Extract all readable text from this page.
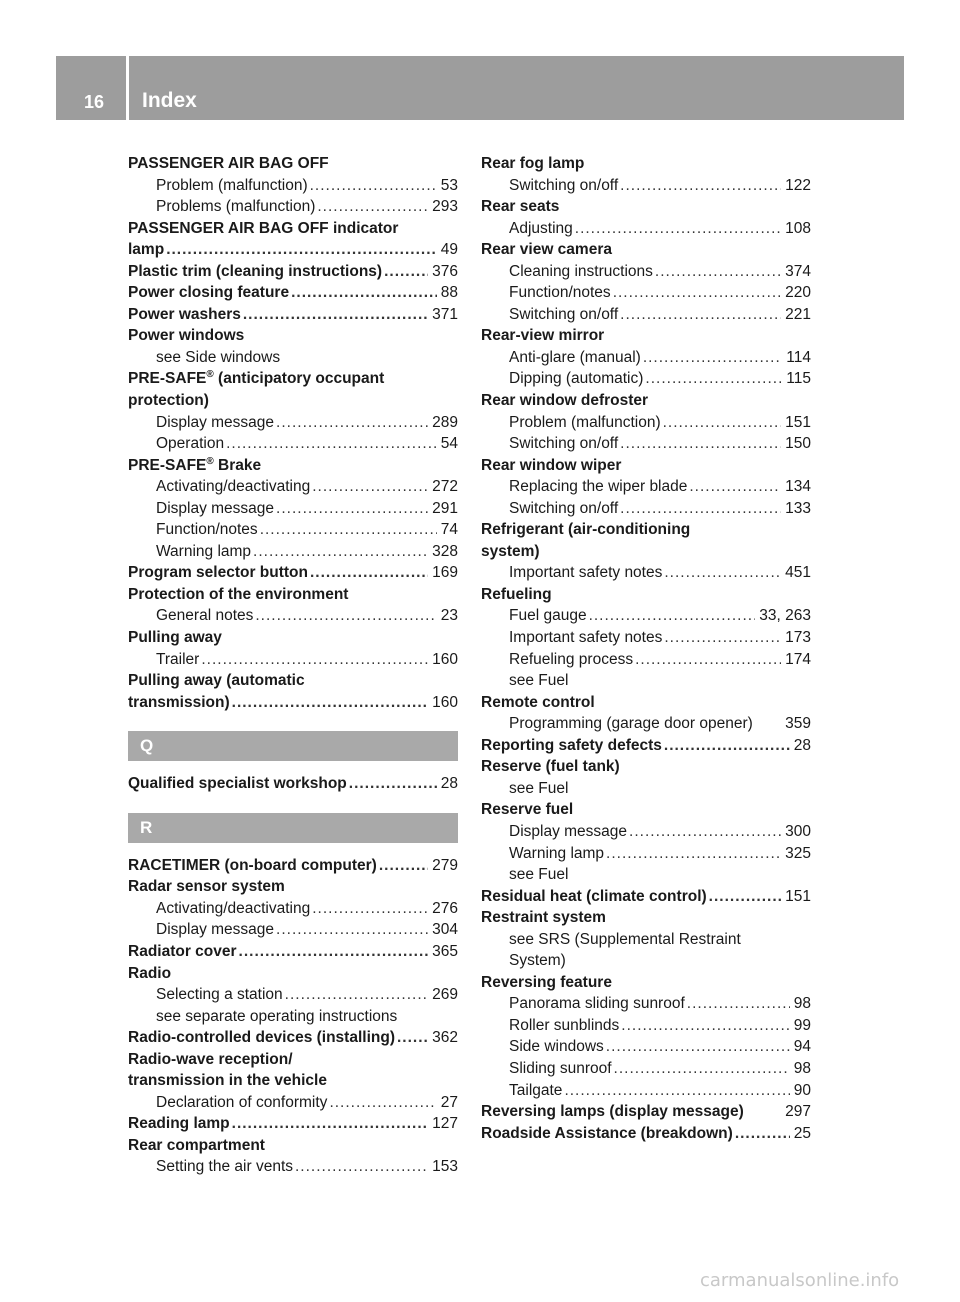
16 Index
PASSENGER AIR BAG OFF
Problem (malfunction) .....	53
Problems (malfunction) .....	293
PASSENGER AIR BAG OFF indicator
lamp .....	49
Plastic trim (cleaning instructions) .....	376
Power closing feature .....	88
Power washers .....	371
Power windows
see Side windows
PRE-SAFE® (anticipatory occupant
protection)
Display message .....	289
Operation .....	54
PRE-SAFE® Brake
Activating/deactivating .....	272
Display message .....	291
Function/notes .....	74
Warning lamp .....	328
Program selector button .....	169
Protection of the environment
General notes .....	23
Pulling away
Trailer .....	160
Pulling away (automatic
transmission) .....	160
Q
Qualified specialist workshop .....	28
R
RACETIMER (on-board computer) .....	279
Radar sensor system
Activating/deactivating .....	276
Display message .....	304
Radiator cover .....	365
Radio
Selecting a station .....	269
see separate operating instructions
Radio-controlled devices (installing) ..... 362
Radio-wave reception/
transmission in the vehicle
Declaration of conformity .....	27
Reading lamp .....	127
Rear compartment
Setting the air vents .....	153
Rear fog lamp
Switching on/off .....	122
Rear seats
Adjusting .....	108
Rear view camera
Cleaning instructions .....	374
Function/notes .....	220
Switching on/off .....	221
Rear-view mirror
Anti-glare (manual) .....	114
Dipping (automatic) .....	115
Rear window defroster
Problem (malfunction) .....	151
Switching on/off .....	150
Rear window wiper
Replacing the wiper blade .....	134
Switching on/off .....	133
Refrigerant (air-conditioning
system)
Important safety notes .....	451
Refueling
Fuel gauge .....	33, 263
Important safety notes .....	173
Refueling process .....	174
see Fuel
Remote control
Programming (garage door opener) 359
Reporting safety defects .....	28
Reserve (fuel tank)
see Fuel
Reserve fuel
Display message .....	300
Warning lamp .....	325
see Fuel
Residual heat (climate control) .....	151
Restraint system
see SRS (Supplemental Restraint
System)
Reversing feature
Panorama sliding sunroof .....	98
Roller sunblinds .....	99
Side windows .....	94
Sliding sunroof .....	98
Tailgate .....	90
Reversing lamps (display message)	297
Roadside Assistance (breakdown) .....	25
carmanualsonline.info
